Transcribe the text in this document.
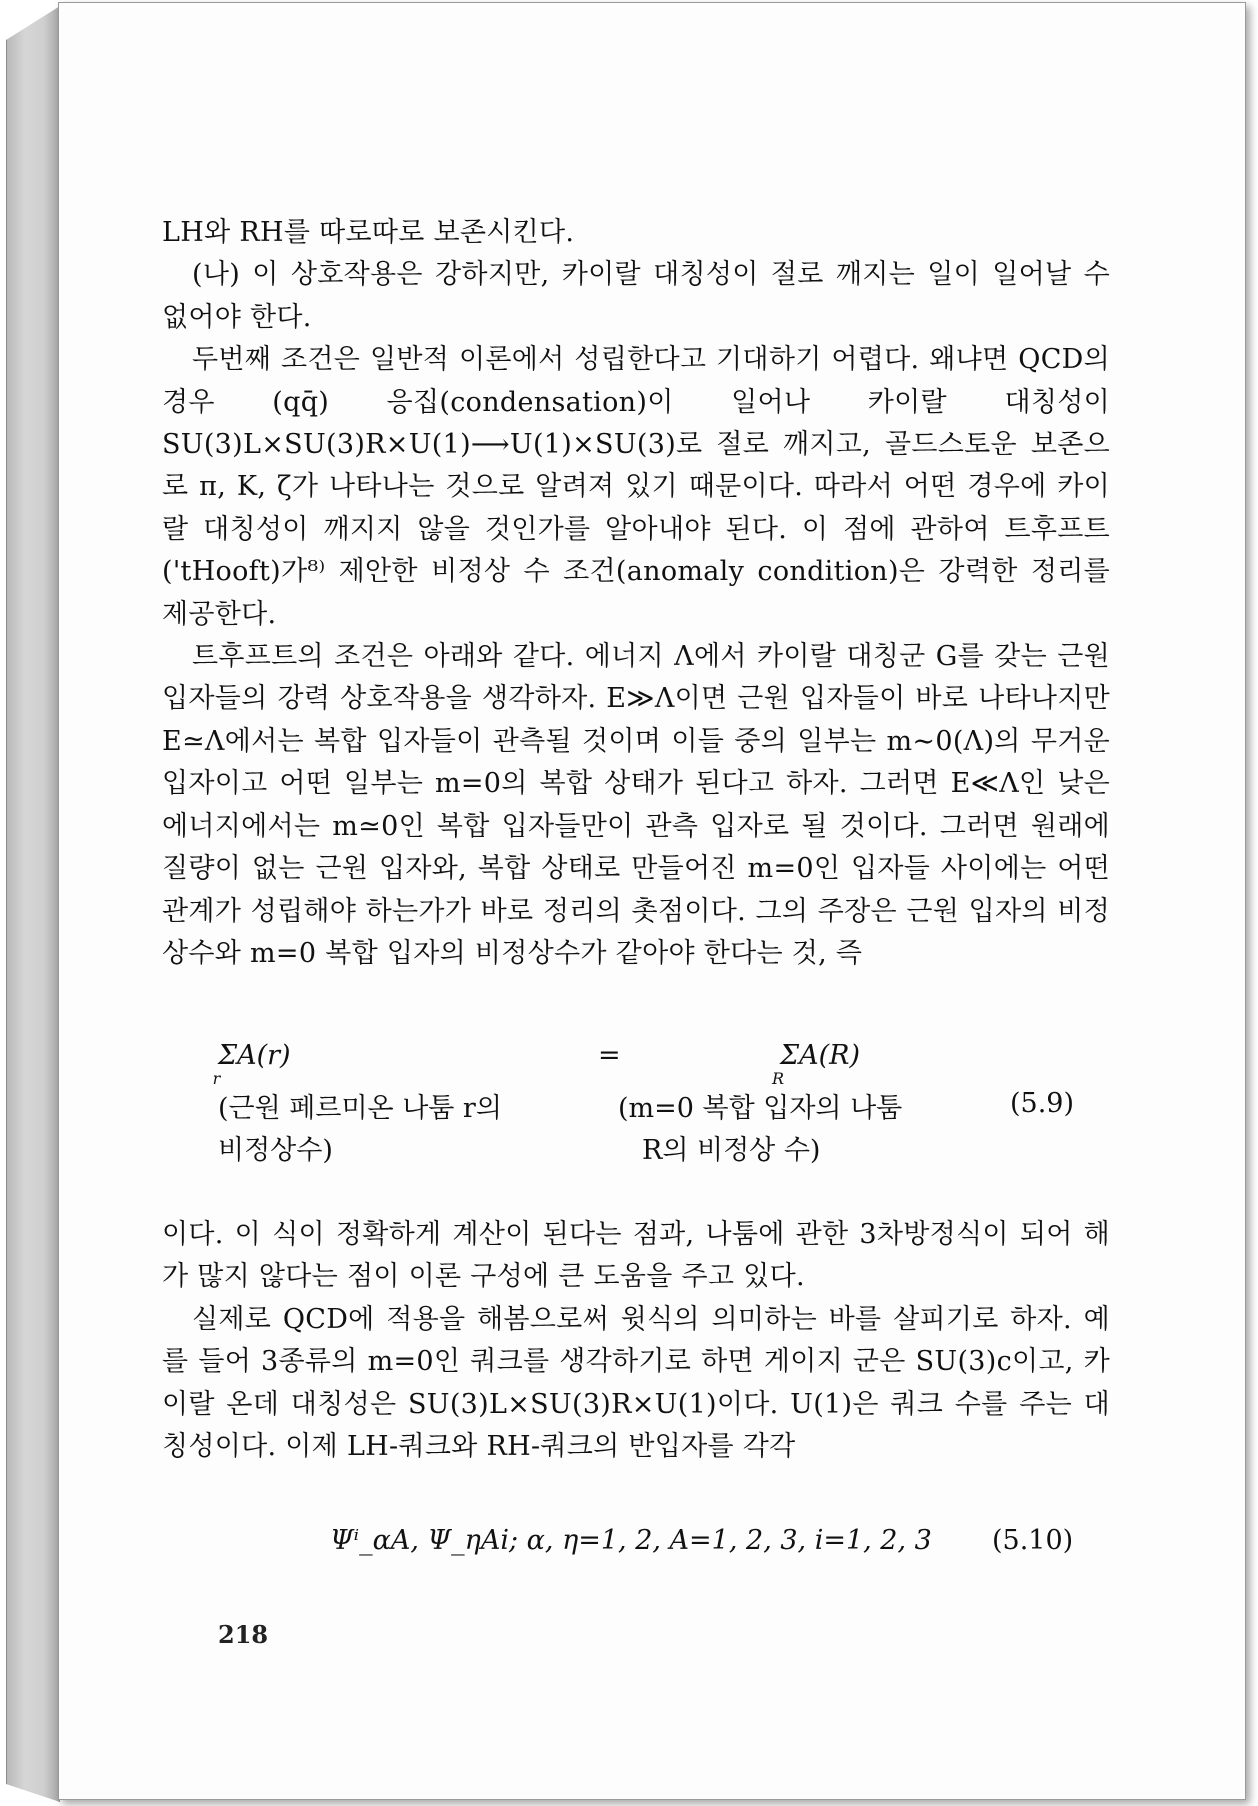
LH와 RH를 따로따로 보존시킨다.

(나) 이 상호작용은 강하지만, 카이랄 대칭성이 절로 깨지는 일이 일어날 수 없어야 한다.

두번째 조건은 일반적 이론에서 성립한다고 기대하기 어렵다. 왜냐면 QCD의 경우 (qq̄) 응집(condensation)이 일어나 카이랄 대칭성이 SU(3)L×SU(3)R×U(1)⟶U(1)×SU(3)로 절로 깨지고, 골드스토운 보존으로 π, K, ζ가 나타나는 것으로 알려져 있기 때문이다. 따라서 어떤 경우에 카이랄 대칭성이 깨지지 않을 것인가를 알아내야 된다. 이 점에 관하여 트후프트('tHooft)가⁸⁾ 제안한 비정상 수 조건(anomaly condition)은 강력한 정리를 제공한다.

트후프트의 조건은 아래와 같다. 에너지 Λ에서 카이랄 대칭군 G를 갖는 근원 입자들의 강력 상호작용을 생각하자. E≫Λ이면 근원 입자들이 바로 나타나지만 E≃Λ에서는 복합 입자들이 관측될 것이며 이들 중의 일부는 m∼0(Λ)의 무거운 입자이고 어떤 일부는 m=0의 복합 상태가 된다고 하자. 그러면 E≪Λ인 낮은 에너지에서는 m≃0인 복합 입자들만이 관측 입자로 될 것이다. 그러면 원래에 질량이 없는 근원 입자와, 복합 상태로 만들어진 m=0인 입자들 사이에는 어떤 관계가 성립해야 하는가가 바로 정리의 촛점이다. 그의 주장은 근원 입자의 비정상수와 m=0 복합 입자의 비정상수가 같아야 한다는 것, 즉

$\Sigma A(r)_r$
=	$\Sigma A(R)_R$
(근원 페르미온 나툼 r의
비정상수)
(m=0 복합 입자의 나툼
R의 비정상 수)
(5.9)

이다. 이 식이 정확하게 계산이 된다는 점과, 나툼에 관한 3차방정식이 되어 해가 많지 않다는 점이 이론 구성에 큰 도움을 주고 있다.

실제로 QCD에 적용을 해봄으로써 윗식의 의미하는 바를 살피기로 하자. 예를 들어 3종류의 m=0인 쿼크를 생각하기로 하면 게이지 군은 SU(3)c이고, 카이랄 온데 대칭성은 SU(3)L×SU(3)R×U(1)이다. U(1)은 쿼크 수를 주는 대칭성이다. 이제 LH-쿼크와 RH-쿼크의 반입자를 각각

Ψⁱ_αA, Ψ_ηAi; α, η=1, 2, A=1, 2, 3, i=1, 2, 3 (5.10)
218
